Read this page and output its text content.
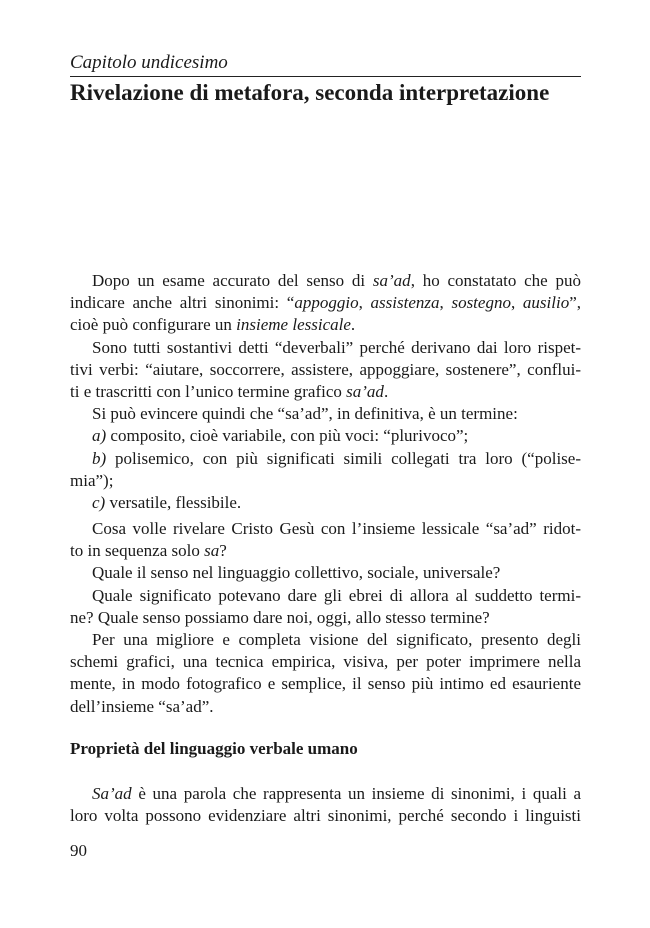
Capitolo undicesimo
Rivelazione di metafora, seconda interpretazione
Dopo un esame accurato del senso di sa’ad, ho constatato che può
indicare anche altri sinonimi: “appoggio, assistenza, sostegno, ausilio”,
cioè può configurare un insieme lessicale.
Sono tutti sostantivi detti “deverbali” perché derivano dai loro rispet-
tivi verbi: “aiutare, soccorrere, assistere, appoggiare, sostenere”, conflui-
ti e trascritti con l’unico termine grafico sa’ad.
Si può evincere quindi che “sa’ad”, in definitiva, è un termine:
a) composito, cioè variabile, con più voci: “plurivoco”;
b) polisemico, con più significati simili collegati tra loro (“polise-
mia”);
c) versatile, flessibile.
Cosa volle rivelare Cristo Gesù con l’insieme lessicale “sa’ad” ridot-
to in sequenza solo sa?
Quale il senso nel linguaggio collettivo, sociale, universale?
Quale significato potevano dare gli ebrei di allora al suddetto termi-
ne? Quale senso possiamo dare noi, oggi, allo stesso termine?
Per una migliore e completa visione del significato, presento degli
schemi grafici, una tecnica empirica, visiva, per poter imprimere nella
mente, in modo fotografico e semplice, il senso più intimo ed esauriente
dell’insieme “sa’ad”.
Proprietà del linguaggio verbale umano
Sa’ad è una parola che rappresenta un insieme di sinonimi, i quali a
loro volta possono evidenziare altri sinonimi, perché secondo i linguisti
90
